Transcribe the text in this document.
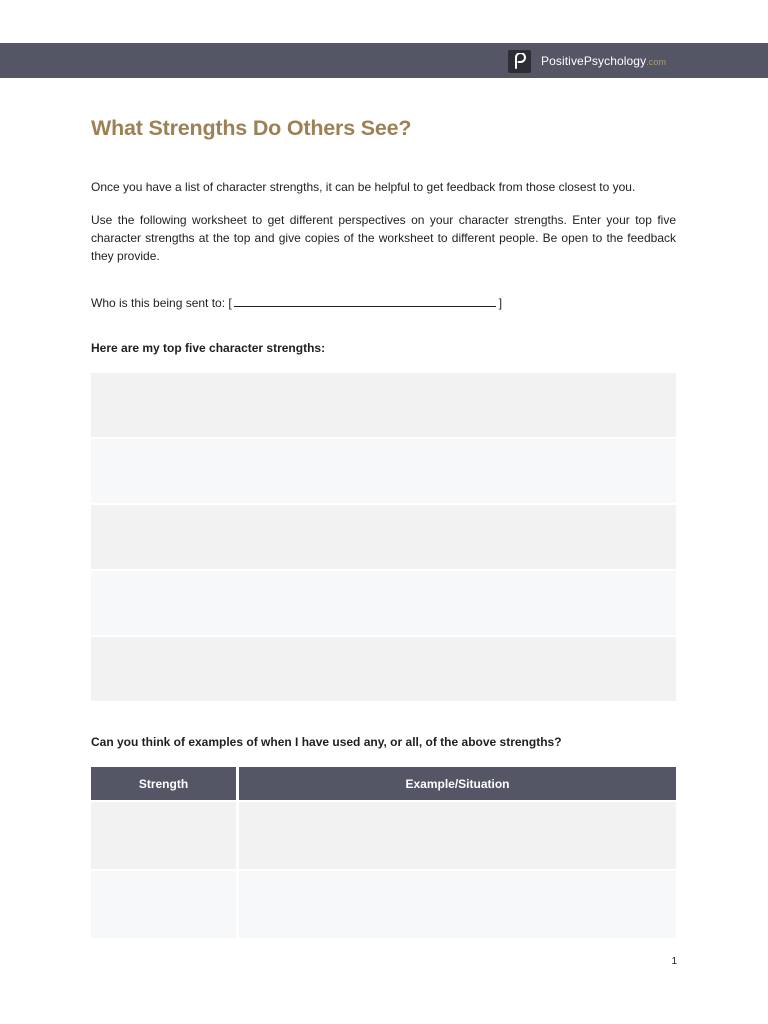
PositivePsychology.com
What Strengths Do Others See?

Once you have a list of character strengths, it can be helpful to get feedback from those closest to you.

Use the following worksheet to get different perspectives on your character strengths. Enter your top five character strengths at the top and give copies of the worksheet to different people. Be open to the feedback they provide.

Who is this being sent to: [	]

Here are my top five character strengths:

Can you think of examples of when I have used any, or all, of the above strengths?

Strength	Example/Situation
1
